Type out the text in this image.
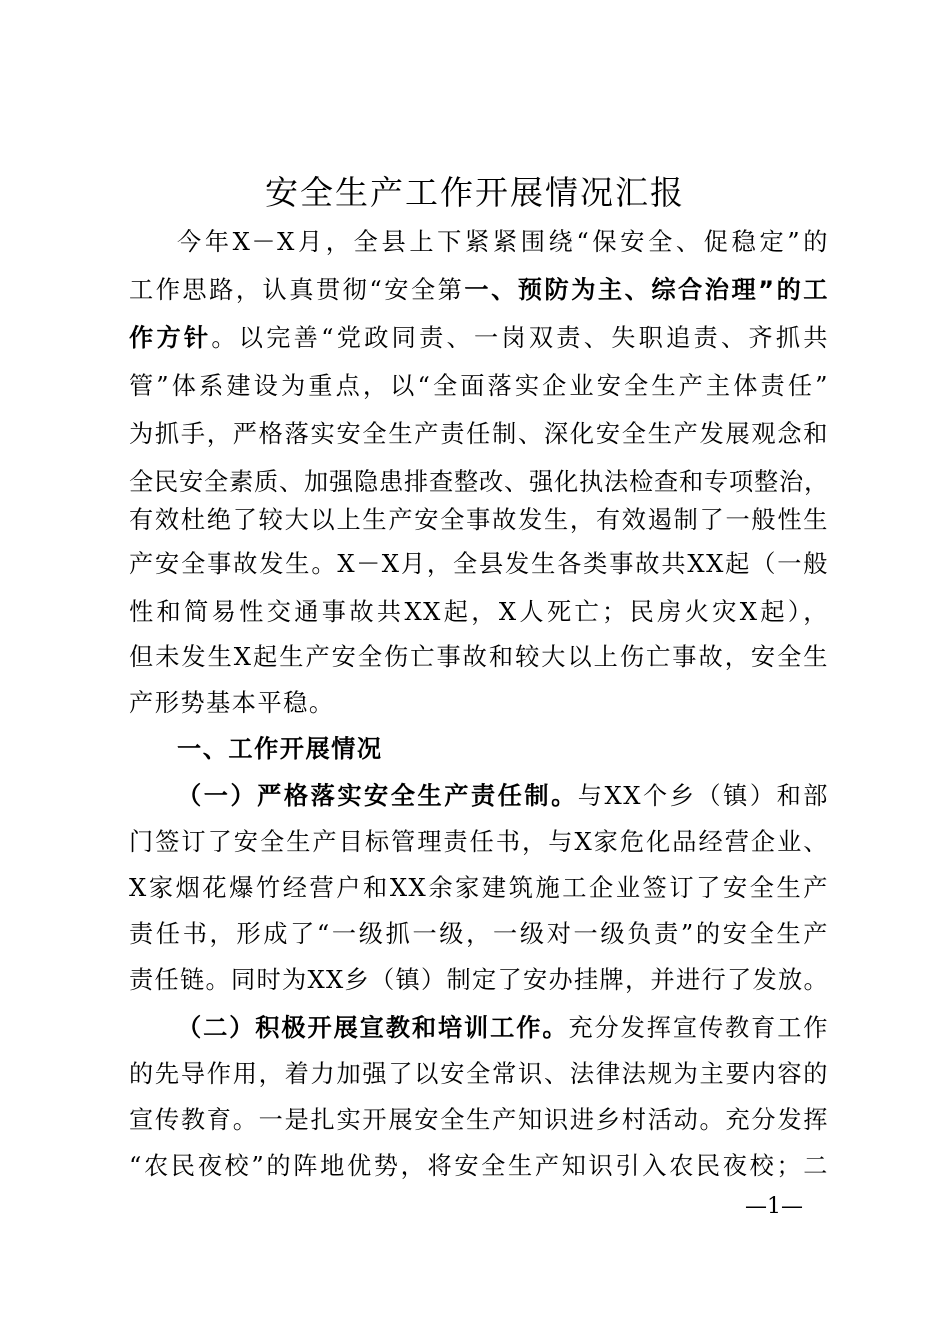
安全生产工作开展情况汇报
今年X－X月，全县上下紧紧围绕“保安全、促稳定”的
工作思路，认真贯彻“安全第一、预防为主、综合治理”的工
作方针。以完善“党政同责、一岗双责、失职追责、齐抓共
管”体系建设为重点，以“全面落实企业安全生产主体责任”
为抓手，严格落实安全生产责任制、深化安全生产发展观念和
全民安全素质、加强隐患排查整改、强化执法检查和专项整治，
有效杜绝了较大以上生产安全事故发生，有效遏制了一般性生
产安全事故发生。X－X月，全县发生各类事故共XX起（一般
性和简易性交通事故共XX起，X人死亡；民房火灾X起），
但未发生X起生产安全伤亡事故和较大以上伤亡事故，安全生
产形势基本平稳。
一、工作开展情况
（一）严格落实安全生产责任制。与XX个乡（镇）和部
门签订了安全生产目标管理责任书，与X家危化品经营企业、
X家烟花爆竹经营户和XX余家建筑施工企业签订了安全生产
责任书，形成了“一级抓一级，一级对一级负责”的安全生产
责任链。同时为XX乡（镇）制定了安办挂牌，并进行了发放。
（二）积极开展宣教和培训工作。充分发挥宣传教育工作
的先导作用，着力加强了以安全常识、法律法规为主要内容的
宣传教育。一是扎实开展安全生产知识进乡村活动。充分发挥
“农民夜校”的阵地优势，将安全生产知识引入农民夜校；二
—1—
